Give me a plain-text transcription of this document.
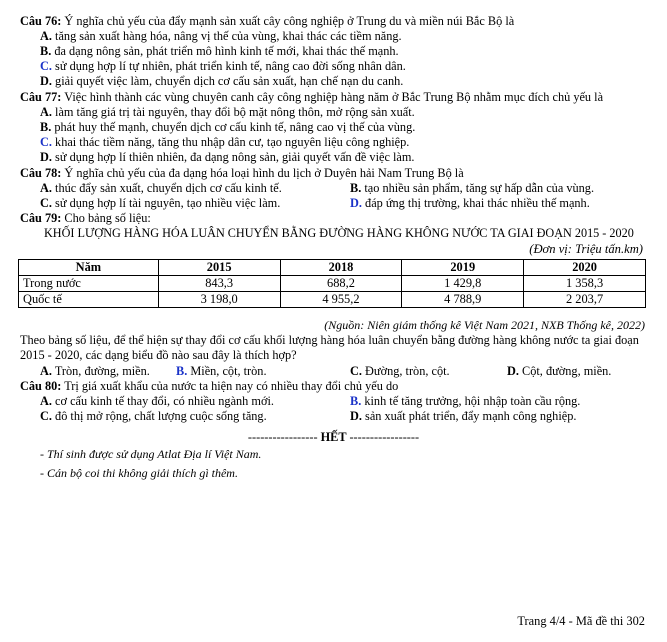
Câu 76: Ý nghĩa chủ yếu của đẩy mạnh sản xuất cây công nghiệp ở Trung du và miền núi Bắc Bộ là
A. tăng sản xuất hàng hóa, nâng vị thế của vùng, khai thác các tiềm năng.
B. đa dạng nông sản, phát triển mô hình kinh tế mới, khai thác thế mạnh.
C. sử dụng hợp lí tự nhiên, phát triển kinh tế, nâng cao đời sống nhân dân.
D. giải quyết việc làm, chuyển dịch cơ cấu sản xuất, hạn chế nạn du canh.
Câu 77: Việc hình thành các vùng chuyên canh cây công nghiệp hàng năm ở Bắc Trung Bộ nhằm mục đích chủ yếu là
A. làm tăng giá trị tài nguyên, thay đổi bộ mặt nông thôn, mở rộng sản xuất.
B. phát huy thế mạnh, chuyển dịch cơ cấu kinh tế, nâng cao vị thế của vùng.
C. khai thác tiềm năng, tăng thu nhập dân cư, tạo nguyên liệu công nghiệp.
D. sử dụng hợp lí thiên nhiên, đa dạng nông sản, giải quyết vấn đề việc làm.
Câu 78: Ý nghĩa chủ yếu của đa dạng hóa loại hình du lịch ở Duyên hải Nam Trung Bộ là
A. thúc đẩy sản xuất, chuyển dịch cơ cấu kinh tế.	B. tạo nhiều sản phẩm, tăng sự hấp dẫn của vùng.
C. sử dụng hợp lí tài nguyên, tạo nhiều việc làm.	D. đáp ứng thị trường, khai thác nhiều thế mạnh.
Câu 79: Cho bảng số liệu:
KHỐI LƯỢNG HÀNG HÓA LUÂN CHUYỂN BẰNG ĐƯỜNG HÀNG KHÔNG NƯỚC TA GIAI ĐOẠN 2015 - 2020
(Đơn vị: Triệu tấn.km)
Năm	2015	2018	2019	2020
Trong nước	843,3	688,2	1 429,8	1 358,3
Quốc tế	3 198,0	4 955,2	4 788,9	2 203,7
(Nguồn: Niên giám thống kê Việt Nam 2021, NXB Thống kê, 2022)
Theo bảng số liệu, để thể hiện sự thay đổi cơ cấu khối lượng hàng hóa luân chuyển bằng đường hàng không nước ta giai đoạn 2015 - 2020, các dạng biểu đồ nào sau đây là thích hợp?
A. Tròn, đường, miền. B. Miền, cột, tròn.	C. Đường, tròn, cột.	D. Cột, đường, miền.
Câu 80: Trị giá xuất khẩu của nước ta hiện nay có nhiều thay đổi chủ yếu do
A. cơ cấu kinh tế thay đổi, có nhiều ngành mới.	B. kinh tế tăng trưởng, hội nhập toàn cầu rộng.
C. đô thị mở rộng, chất lượng cuộc sống tăng.	D. sản xuất phát triển, đẩy mạnh công nghiệp.
----------------- HẾT -----------------
- Thí sinh được sử dụng Atlat Địa lí Việt Nam.
- Cán bộ coi thi không giải thích gì thêm.
Trang 4/4 - Mã đề thi 302
